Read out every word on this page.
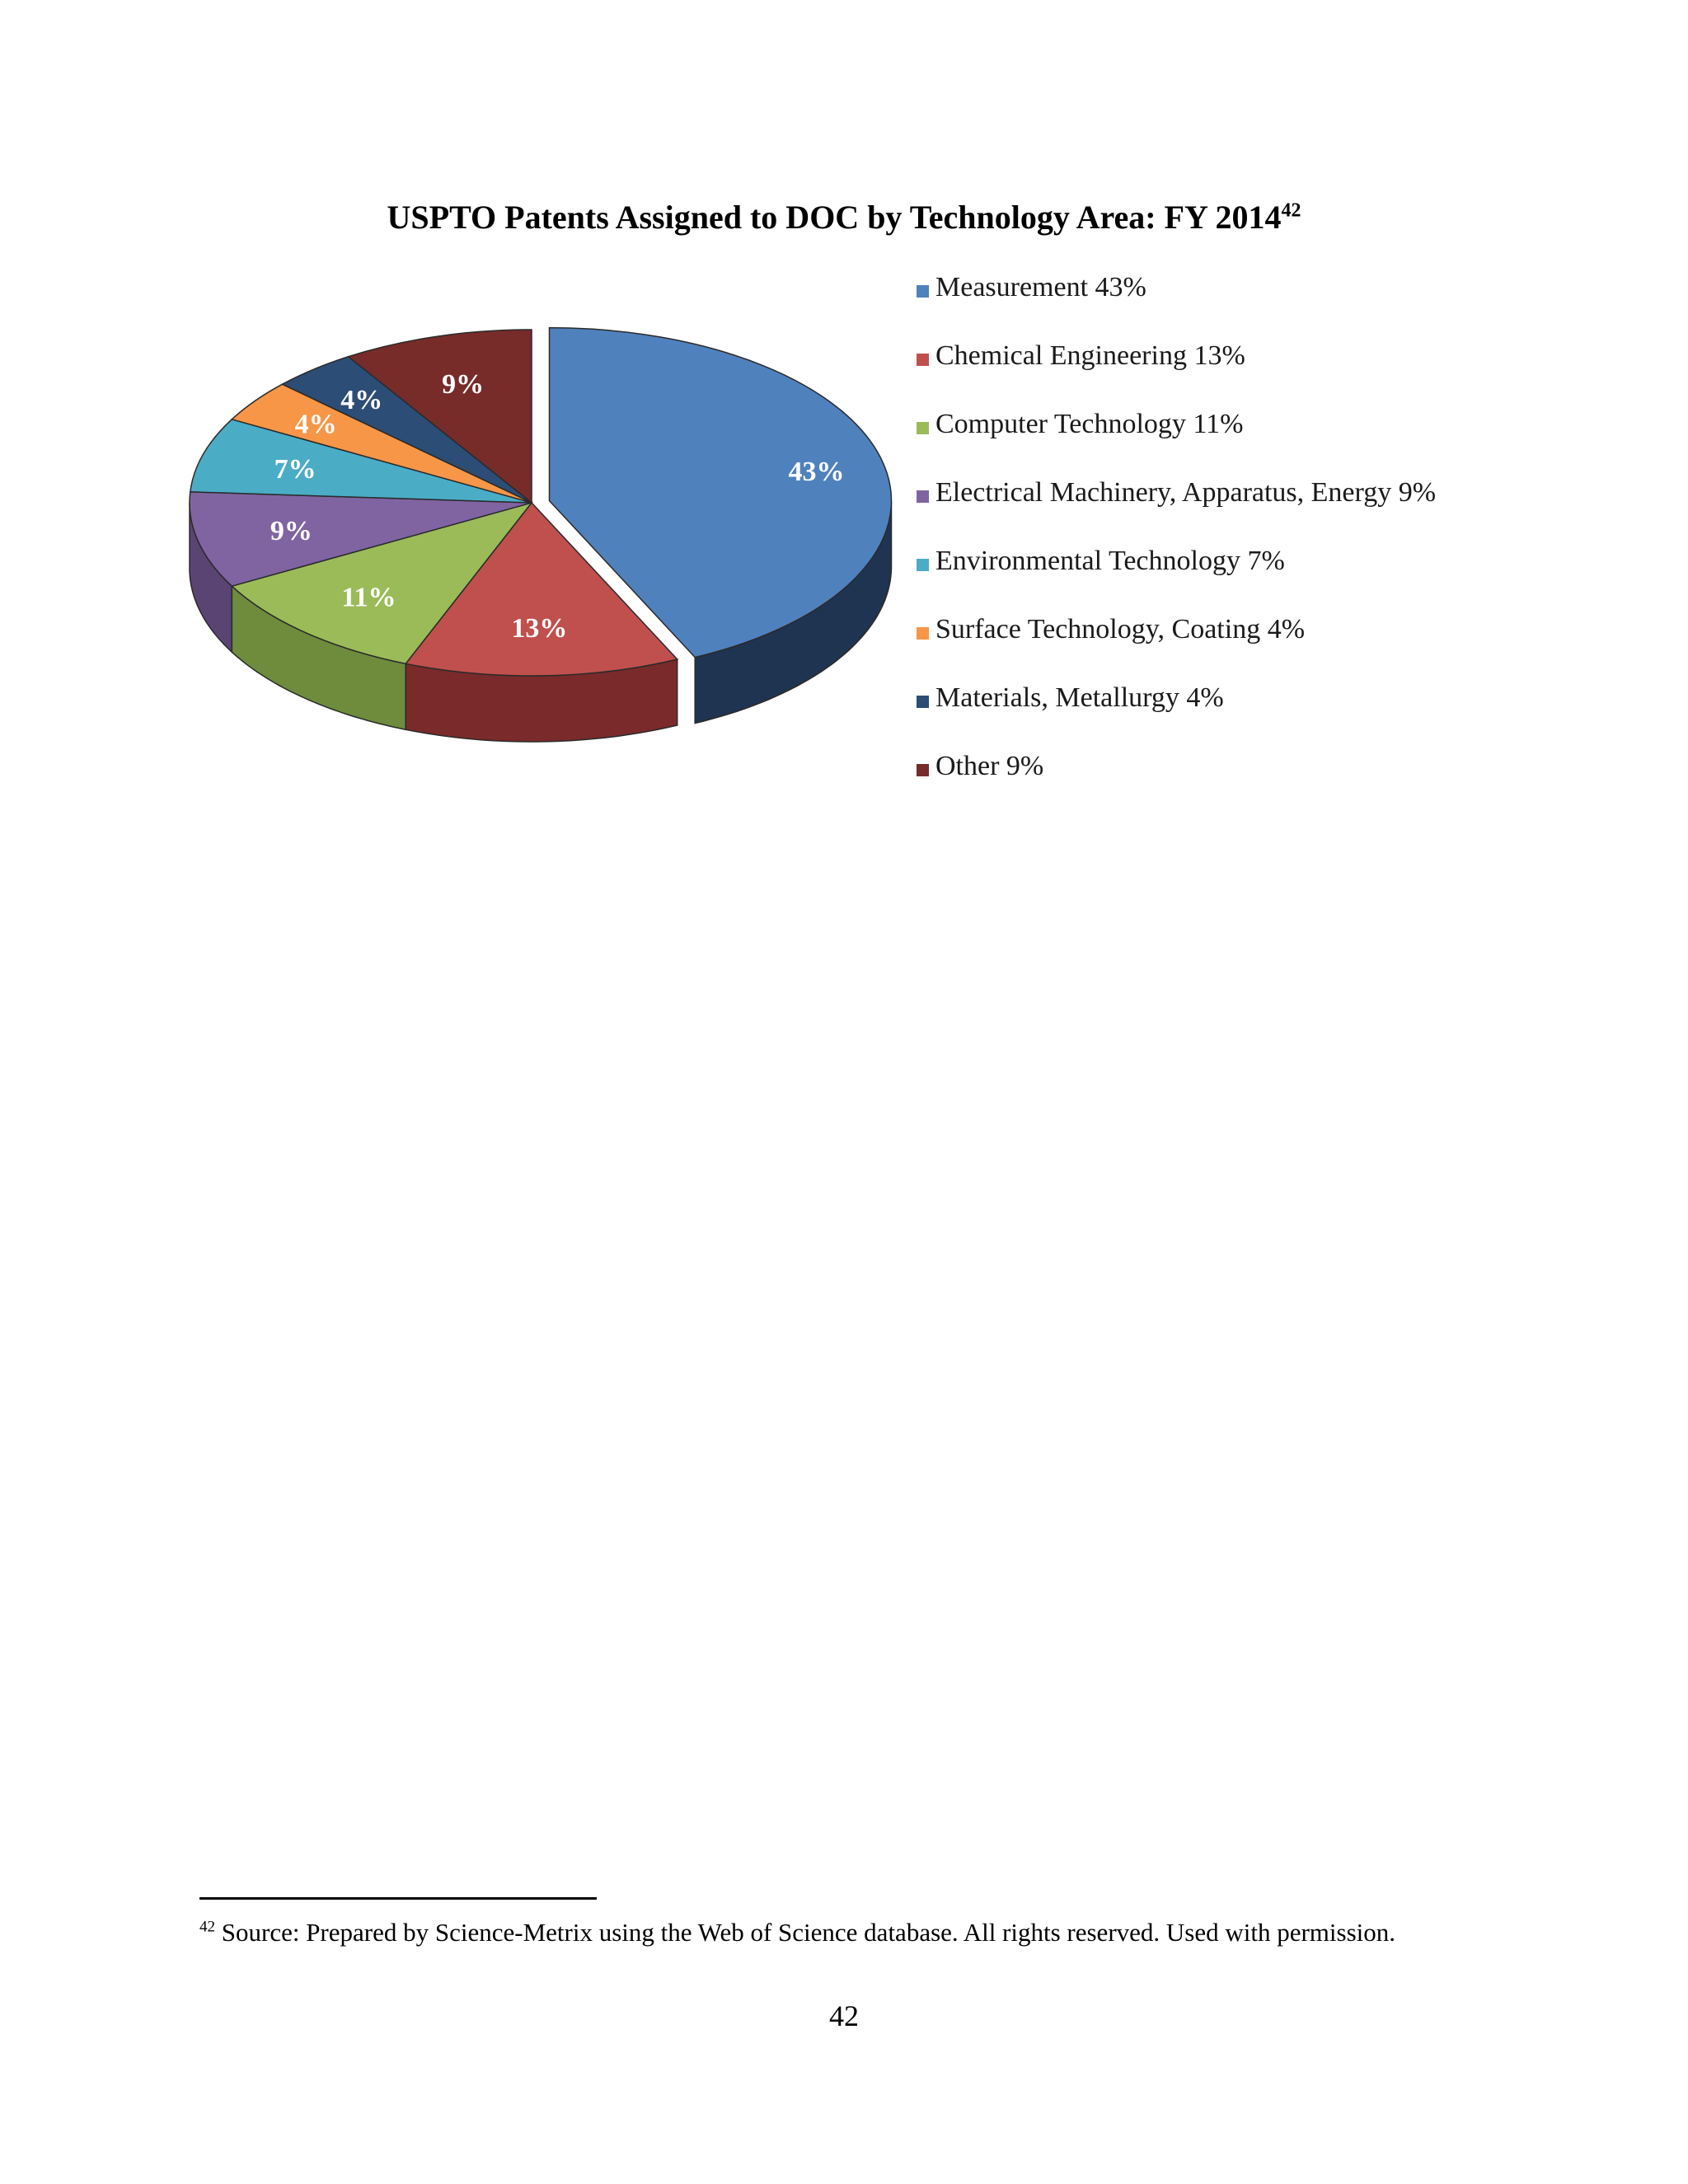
USPTO Patents Assigned to DOC by Technology Area: FY 2014$^{42}$
43%
13%
11%
9%
7%
4%
4%
9%
Measurement 43%
Chemical Engineering 13%
Computer Technology 11%
Electrical Machinery, Apparatus, Energy 9%
Environmental Technology 7%
Surface Technology, Coating 4%
Materials, Metallurgy 4%
Other 9%
$^{42}$ Source: Prepared by Science-Metrix using the Web of Science database. All rights reserved. Used with permission.
42
